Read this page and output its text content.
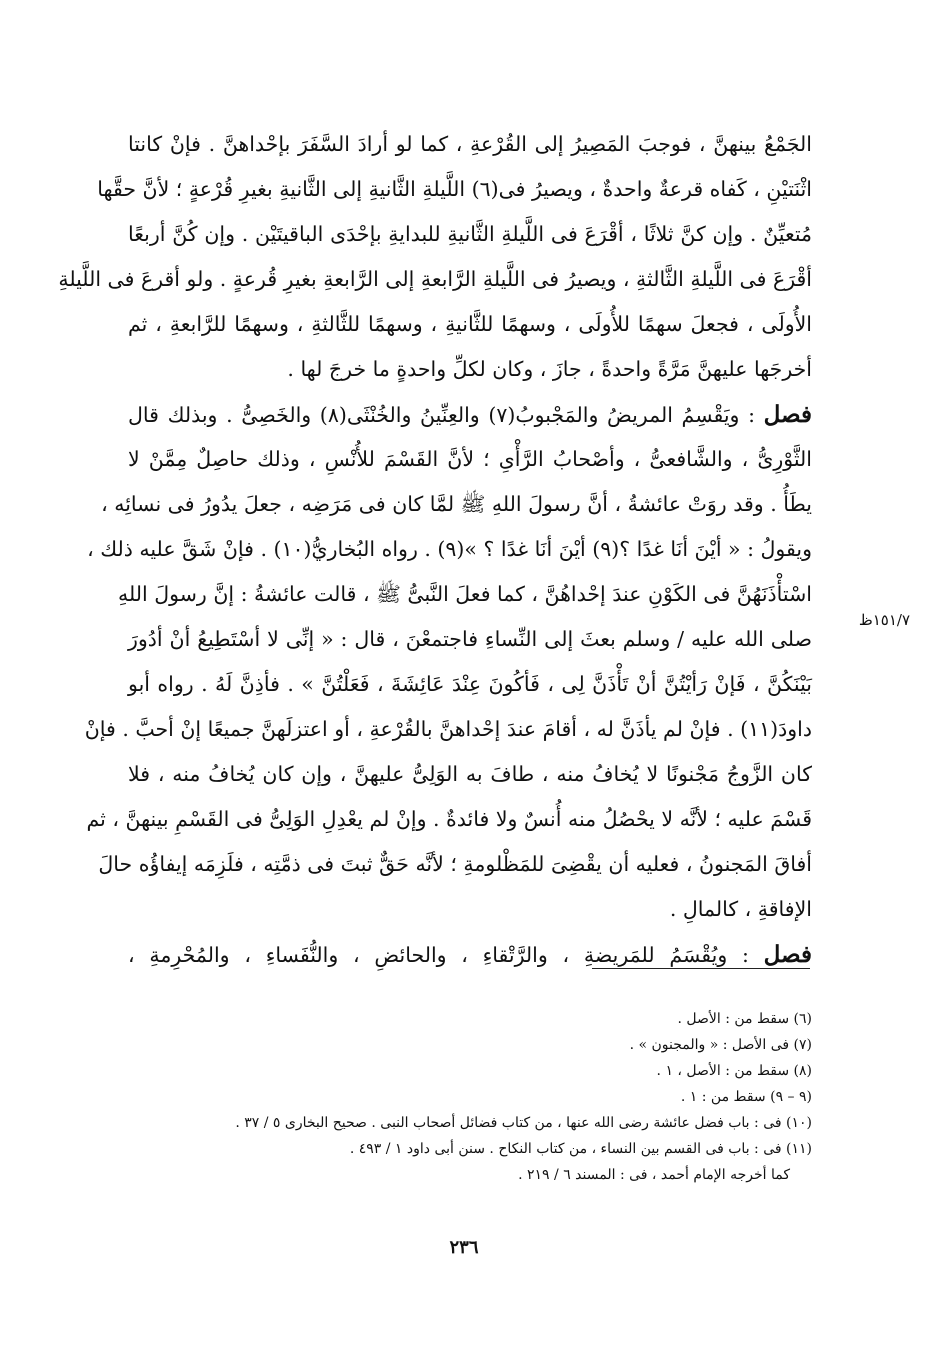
الجَمْعُ بينهنَّ ، فوجبَ المَصِيرُ إلى القُرْعةِ ، كما لو أرادَ السَّفَرَ بإحْداهنَّ . فإنْ كانتا
اثْنَتيْنِ ، كَفاه قرعةٌ واحدةٌ ، ويصيرُ فى(٦) اللَّيلةِ الثَّانيةِ إلى الثَّانيةِ بغيرِ قُرْعةٍ ؛ لأنَّ حقَّها
مُتعيِّنٌ . وإن كنَّ ثلاثًا ، أقْرَعَ فى اللَّيلةِ الثَّانيةِ للبدايةِ بإحْدَى الباقيتَيْن . وإن كُنَّ أربعًا
أقْرَعَ فى اللَّيلةِ الثَّالثةِ ، ويصيرُ فى اللَّيلةِ الرَّابعةِ إلى الرَّابعةِ بغيرِ قُرعةٍ . ولو أقرعَ فى اللَّيلةِ
الأُولَى ، فجعلَ سهمًا للأُولَى ، وسهمًا للثَّانيةِ ، وسهمًا للثَّالثةِ ، وسهمًا للرَّابعةِ ، ثم
أخرجَها عليهنَّ مَرَّةً واحدةً ، جازَ ، وكان لكلِّ واحدةٍ ما خرجَ لها .
فصل : ويَقْسِمُ المريضُ والمَجْبوبُ(٧) والعِنِّينُ والخُنْثَى(٨) والخَصِىُّ . وبذلك قال
الثَّوْرِىُّ ، والشَّافعىُّ ، وأصْحابُ الرَّأْىِ ؛ لأنَّ القَسْمَ للأُنْسِ ، وذلك حاصِلٌ مِمَّنْ لا
يطَأُ . وقد روَتْ عائشةُ ، أنَّ رسولَ اللهِ ﷺ لمَّا كان فى مَرَضِه ، جعلَ يدُورُ فى نسائِه ،
ويقولُ : « أيْنَ أنَا غدًا ؟(٩) أيْنَ أنَا غدًا ؟ »(٩) . رواه البُخاريُّ(١٠) . فإنْ شَقَّ عليه ذلك ،
اسْتأْذَنَهُنَّ فى الكَوْنِ عندَ إحْداهُنَّ ، كما فعلَ النَّبىُّ ﷺ ، قالت عائشةُ : إنَّ رسولَ اللهِ
صلى الله عليه / وسلم بعثَ إلى النِّساءِ فاجتمعْنَ ، قال : « إنِّى لا أسْتَطِيعُ أنْ أدُورَ
بَيْنَكُنَّ ، فَإنْ رَأيْتُنَّ أنْ تَأْذَنَّ لِى ، فَأكُونَ عِنْدَ عَائِشَةَ ، فَعَلْتُنَّ » . فأذِنَّ لَهُ . رواه أبو
داودَ(١١) . فإنْ لم يأذَنَّ له ، أقامَ عندَ إحْداهنَّ بالقُرْعةِ ، أو اعتزلَهنَّ جميعًا إنْ أحبَّ . فإنْ
كان الزَّوجُ مَجْنونًا لا يُخافُ منه ، طافَ به الوَلِىُّ عليهنَّ ، وإن كان يُخافُ منه ، فلا
قَسْمَ عليه ؛ لأنَّه لا يحْصُلُ منه أُنسٌ ولا فائدةٌ . وإنْ لم يعْدِلِ الوَلِىُّ فى القَسْمِ بينهنَّ ، ثم
أفاقَ المَجنونُ ، فعليه أن يقْضِىَ للمَظْلومةِ ؛ لأنَّه حَقٌّ ثبتَ فى ذمَّتِه ، فلَزِمَه إيفاؤُه حالَ
الإفاقةِ ، كالمالِ .
فصل : ويُقْسَمُ للمَريضةِ ، والرَّتْقاءِ ، والحائضِ ، والنُّفَساءِ ، والمُحْرِمةِ ،
١٥١/٧ظ
(٦) سقط من : الأصل .
(٧) فى الأصل : « والمجنون » .
(٨) سقط من : الأصل ، ١ .
(٩ – ٩) سقط من : ١ .
(١٠) فى : باب فضل عائشة رضى الله عنها ، من كتاب فضائل أصحاب النبى . صحيح البخارى ٥ / ٣٧ .
(١١) فى : باب فى القسم بين النساء ، من كتاب النكاح . سنن أبى داود ١ / ٤٩٣ .
كما أخرجه الإمام أحمد ، فى : المسند ٦ / ٢١٩ .
٢٣٦
